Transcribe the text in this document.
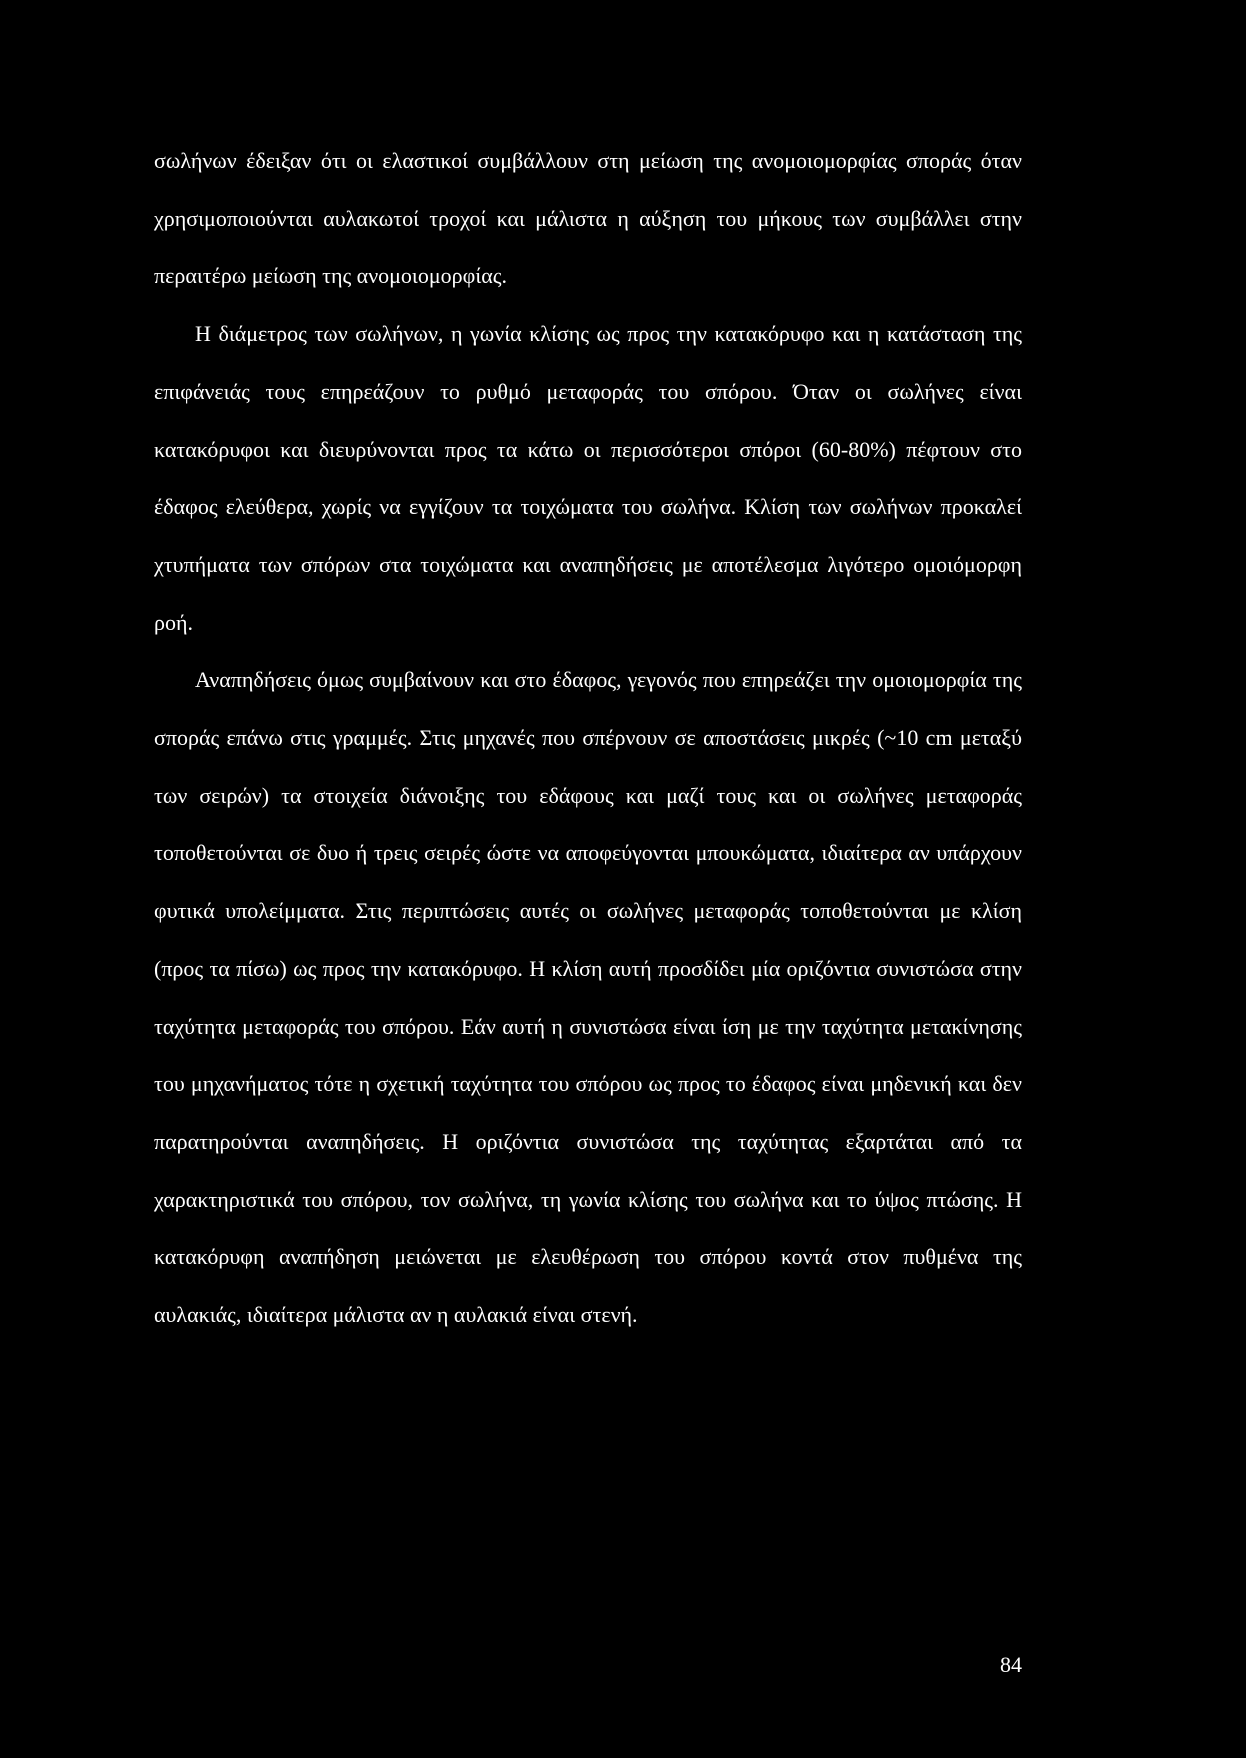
σωλήνων έδειξαν ότι οι ελαστικοί συμβάλλουν στη μείωση της ανομοιομορφίας σποράς όταν χρησιμοποιούνται αυλακωτοί τροχοί και μάλιστα η αύξηση του μήκους των συμβάλλει στην περαιτέρω μείωση της ανομοιομορφίας.

Η διάμετρος των σωλήνων, η γωνία κλίσης ως προς την κατακόρυφο και η κατάσταση της επιφάνειάς τους επηρεάζουν το ρυθμό μεταφοράς του σπόρου. Όταν οι σωλήνες είναι κατακόρυφοι και διευρύνονται προς τα κάτω οι περισσότεροι σπόροι (60-80%) πέφτουν στο έδαφος ελεύθερα, χωρίς να εγγίζουν τα τοιχώματα του σωλήνα. Κλίση των σωλήνων προκαλεί χτυπήματα των σπόρων στα τοιχώματα και αναπηδήσεις με αποτέλεσμα λιγότερο ομοιόμορφη ροή.

Αναπηδήσεις όμως συμβαίνουν και στο έδαφος, γεγονός που επηρεάζει την ομοιομορφία της σποράς επάνω στις γραμμές. Στις μηχανές που σπέρνουν σε αποστάσεις μικρές (~10 cm μεταξύ των σειρών) τα στοιχεία διάνοιξης του εδάφους και μαζί τους και οι σωλήνες μεταφοράς τοποθετούνται σε δυο ή τρεις σειρές ώστε να αποφεύγονται μπουκώματα, ιδιαίτερα αν υπάρχουν φυτικά υπολείμματα. Στις περιπτώσεις αυτές οι σωλήνες μεταφοράς τοποθετούνται με κλίση (προς τα πίσω) ως προς την κατακόρυφο. Η κλίση αυτή προσδίδει μία οριζόντια συνιστώσα στην ταχύτητα μεταφοράς του σπόρου. Εάν αυτή η συνιστώσα είναι ίση με την ταχύτητα μετακίνησης του μηχανήματος τότε η σχετική ταχύτητα του σπόρου ως προς το έδαφος είναι μηδενική και δεν παρατηρούνται αναπηδήσεις. Η οριζόντια συνιστώσα της ταχύτητας εξαρτάται από τα χαρακτηριστικά του σπόρου, τον σωλήνα, τη γωνία κλίσης του σωλήνα και το ύψος πτώσης. Η κατακόρυφη αναπήδηση μειώνεται με ελευθέρωση του σπόρου κοντά στον πυθμένα της αυλακιάς, ιδιαίτερα μάλιστα αν η αυλακιά είναι στενή.

84
